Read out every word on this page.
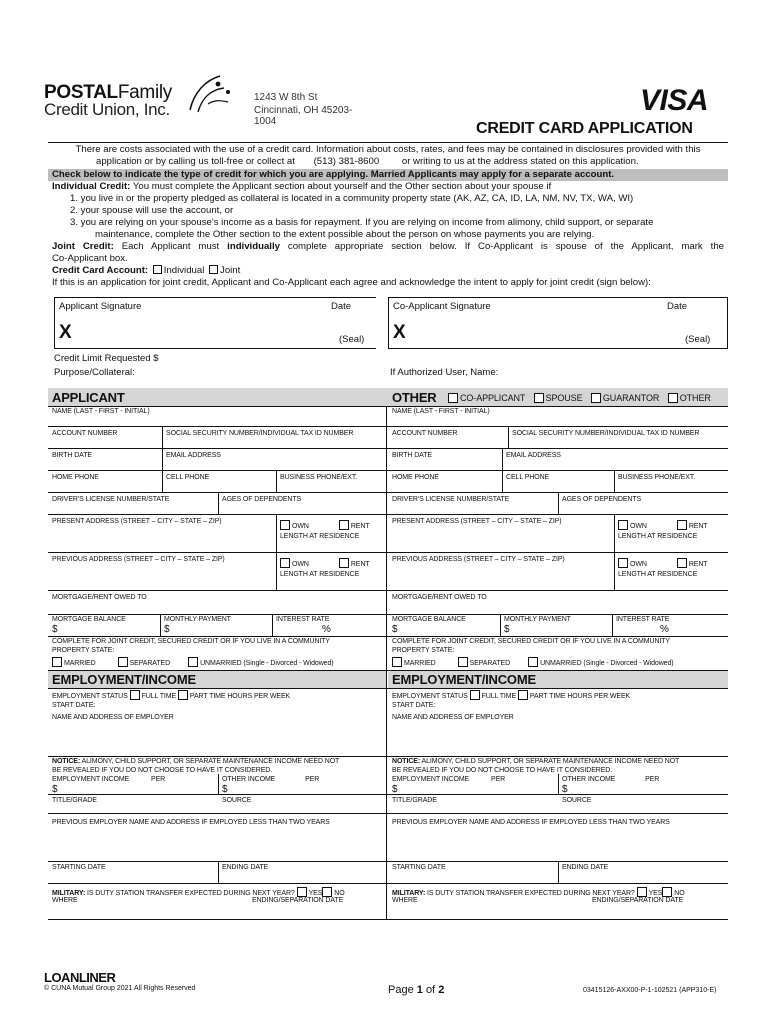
POSTALFamily
Credit Union, Inc.
1243 W 8th St
Cincinnati, OH 45203-1004
VISA
CREDIT CARD APPLICATION
There are costs associated with the use of a credit card. Information about costs, rates, and fees may be contained in disclosures provided with this
application or by calling us toll-free or collect at (513) 381-8600 or writing to us at the address stated on this application.
Check below to indicate the type of credit for which you are applying. Married Applicants may apply for a separate account.

Individual Credit: You must complete the Applicant section about yourself and the Other section about your spouse if

1. you live in or the property pledged as collateral is located in a community property state (AK, AZ, CA, ID, LA, NM, NV, TX, WA, WI)

2. your spouse will use the account, or

3. you are relying on your spouse's income as a basis for repayment. If you are relying on income from alimony, child support, or separate

maintenance, complete the Other section to the extent possible about the person on whose payments you are relying.

Joint Credit: Each Applicant must individually complete appropriate section below. If Co-Applicant is spouse of the Applicant, mark the

Co-Applicant box.

Credit Card Account: Individual Joint

If this is an application for joint credit, Applicant and Co-Applicant each agree and acknowledge the intent to apply for joint credit (sign below):

Applicant Signature	Date
X	(Seal)
Co-Applicant Signature	Date
X	(Seal)
Credit Limit Requested $
Purpose/Collateral:	If Authorized User, Name:
APPLICANT	OTHER	CO-APPLICANT SPOUSE GUARANTOR OTHER
NAME (LAST - FIRST - INITIAL)
ACCOUNT NUMBER	SOCIAL SECURITY NUMBER/INDIVIDUAL TAX ID NUMBER
BIRTH DATE	EMAIL ADDRESS
HOME PHONE	CELL PHONE	BUSINESS PHONE/EXT.
DRIVER'S LICENSE NUMBER/STATE	AGES OF DEPENDENTS
PRESENT ADDRESS (STREET – CITY – STATE – ZIP)
OWN	RENT
LENGTH AT RESIDENCE
PREVIOUS ADDRESS (STREET – CITY – STATE – ZIP)
OWN	RENT
LENGTH AT RESIDENCE
MORTGAGE/RENT OWED TO
MORTGAGE BALANCE	MONTHLY PAYMENT	INTEREST RATE
$	$	%
COMPLETE FOR JOINT CREDIT, SECURED CREDIT OR IF YOU LIVE IN A COMMUNITY
PROPERTY STATE:
MARRIED	SEPARATED	UNMARRIED (Single - Divorced - Widowed)
EMPLOYMENT/INCOME
EMPLOYMENT STATUS FULL TIME PART TIME HOURS PER WEEK
START DATE:
NAME AND ADDRESS OF EMPLOYER
NOTICE: ALIMONY, CHILD SUPPORT, OR SEPARATE MAINTENANCE INCOME NEED NOT
BE REVEALED IF YOU DO NOT CHOOSE TO HAVE IT CONSIDERED.
EMPLOYMENT INCOME	PER	OTHER INCOME	PER
$	$
TITLE/GRADE	SOURCE
PREVIOUS EMPLOYER NAME AND ADDRESS IF EMPLOYED LESS THAN TWO YEARS
STARTING DATE	ENDING DATE
MILITARY: IS DUTY STATION TRANSFER EXPECTED DURING NEXT YEAR? YES NO
WHERE	ENDING/SEPARATION DATE
NAME (LAST - FIRST - INITIAL)
ACCOUNT NUMBER	SOCIAL SECURITY NUMBER/INDIVIDUAL TAX ID NUMBER
BIRTH DATE	EMAIL ADDRESS
HOME PHONE	CELL PHONE	BUSINESS PHONE/EXT.
DRIVER'S LICENSE NUMBER/STATE	AGES OF DEPENDENTS
PRESENT ADDRESS (STREET – CITY – STATE – ZIP)
OWN	RENT
LENGTH AT RESIDENCE
PREVIOUS ADDRESS (STREET – CITY – STATE – ZIP)
OWN	RENT
LENGTH AT RESIDENCE
MORTGAGE/RENT OWED TO
MORTGAGE BALANCE	MONTHLY PAYMENT	INTEREST RATE
$	$	%
COMPLETE FOR JOINT CREDIT, SECURED CREDIT OR IF YOU LIVE IN A COMMUNITY
PROPERTY STATE:
MARRIED	SEPARATED	UNMARRIED (Single - Divorced - Widowed)
EMPLOYMENT/INCOME
EMPLOYMENT STATUS FULL TIME PART TIME HOURS PER WEEK
START DATE:
NAME AND ADDRESS OF EMPLOYER
NOTICE: ALIMONY, CHILD SUPPORT, OR SEPARATE MAINTENANCE INCOME NEED NOT
BE REVEALED IF YOU DO NOT CHOOSE TO HAVE IT CONSIDERED.
EMPLOYMENT INCOME	PER	OTHER INCOME	PER
$	$
TITLE/GRADE	SOURCE
PREVIOUS EMPLOYER NAME AND ADDRESS IF EMPLOYED LESS THAN TWO YEARS
STARTING DATE	ENDING DATE
MILITARY: IS DUTY STATION TRANSFER EXPECTED DURING NEXT YEAR? YES NO
WHERE	ENDING/SEPARATION DATE
LOANLINER
© CUNA Mutual Group 2021 All Rights Reserved	Page 1 of 2	03415126-AXX00-P-1-102521 (APP310-E)
